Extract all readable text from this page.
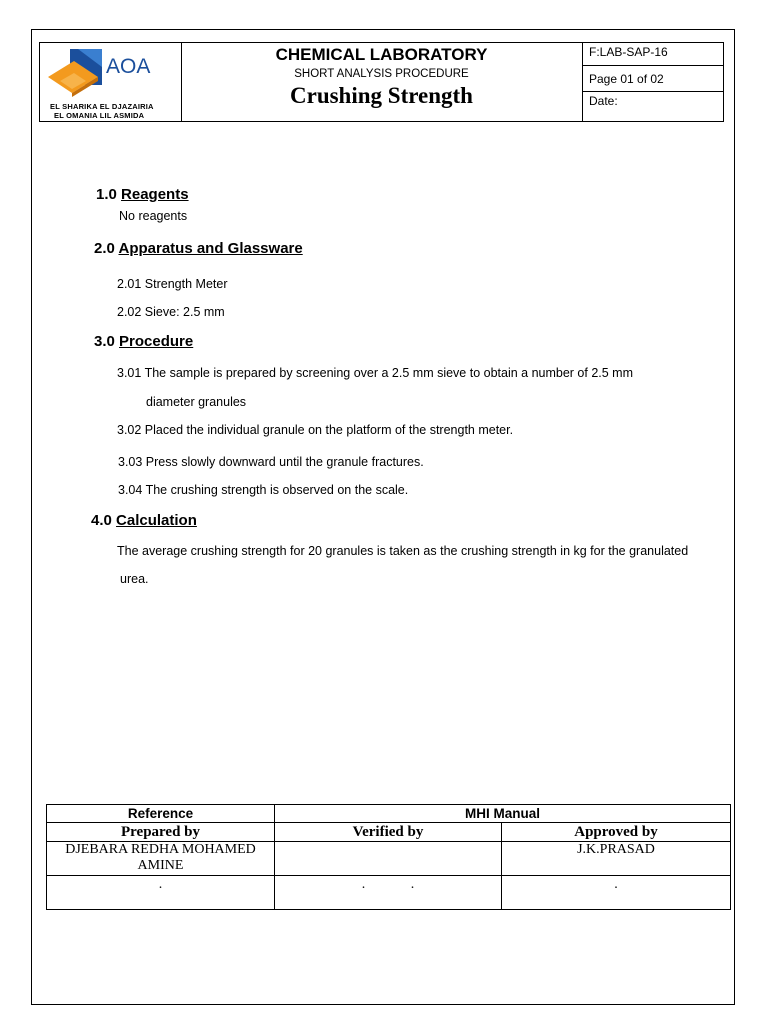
AOA
EL SHARIKA EL DJAZAIRIA
EL OMANIA LIL ASMIDA
CHEMICAL LABORATORY
SHORT ANALYSIS PROCEDURE
Crushing Strength
F:LAB-SAP-16
Page 01 of 02
Date:
1.0 Reagents
No reagents
2.0 Apparatus and Glassware
2.01 Strength Meter
2.02 Sieve: 2.5 mm
3.0 Procedure
3.01 The sample is prepared by screening over a 2.5 mm sieve to obtain a number of 2.5 mm
diameter granules
3.02 Placed the individual granule on the platform of the strength meter.
3.03 Press slowly downward until the granule fractures.
3.04 The crushing strength is observed on the scale.
4.0 Calculation
The average crushing strength for 20 granules is taken as the crushing strength in kg for the granulated
urea.
Reference	MHI Manual	
Prepared by	Verified by	Approved by
DJEBARA REDHA MOHAMED AMINE		J.K.PRASAD
.	.             .	.
